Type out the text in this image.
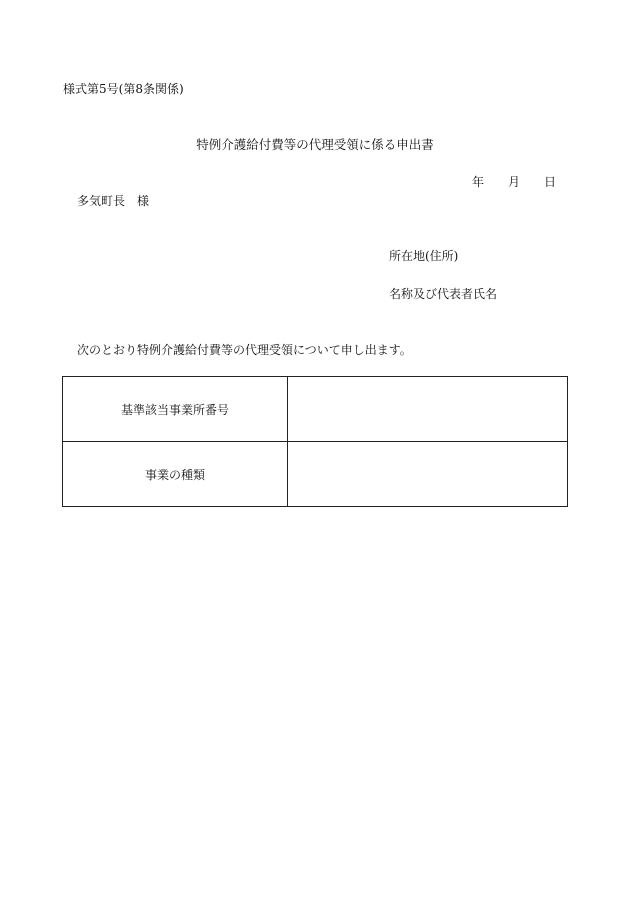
様式第5号(第8条関係)
特例介護給付費等の代理受領に係る申出書
年 月 日
多気町長　様
所在地(住所)
名称及び代表者氏名
次のとおり特例介護給付費等の代理受領について申し出ます。
基準該当事業所番号	
事業の種類	
